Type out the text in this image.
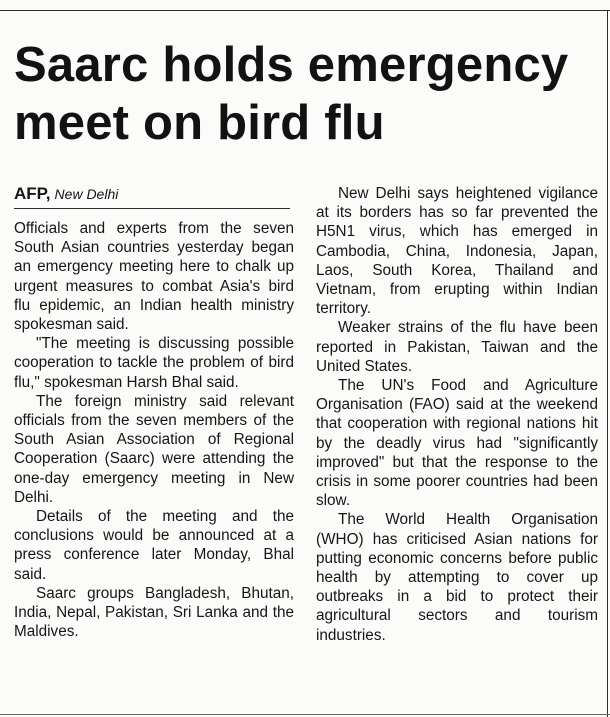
Saarc holds emergency meet on bird flu
AFP, New Delhi

Officials and experts from the seven South Asian countries yesterday began an emergency meeting here to chalk up urgent measures to combat Asia's bird flu epidemic, an Indian health ministry spokesman said.

"The meeting is discussing possible cooperation to tackle the problem of bird flu," spokesman Harsh Bhal said.

The foreign ministry said relevant officials from the seven members of the South Asian Association of Regional Cooperation (Saarc) were attending the one-day emergency meeting in New Delhi.

Details of the meeting and the conclusions would be announced at a press conference later Monday, Bhal said.

Saarc groups Bangladesh, Bhutan, India, Nepal, Pakistan, Sri Lanka and the Maldives.

New Delhi says heightened vigilance at its borders has so far prevented the H5N1 virus, which has emerged in Cambodia, China, Indonesia, Japan, Laos, South Korea, Thailand and Vietnam, from erupting within Indian territory.

Weaker strains of the flu have been reported in Pakistan, Taiwan and the United States.

The UN's Food and Agriculture Organisation (FAO) said at the weekend that cooperation with regional nations hit by the deadly virus had "significantly improved" but that the response to the crisis in some poorer countries had been slow.

The World Health Organisation (WHO) has criticised Asian nations for putting economic concerns before public health by attempting to cover up outbreaks in a bid to protect their agricultural sectors and tourism industries.
